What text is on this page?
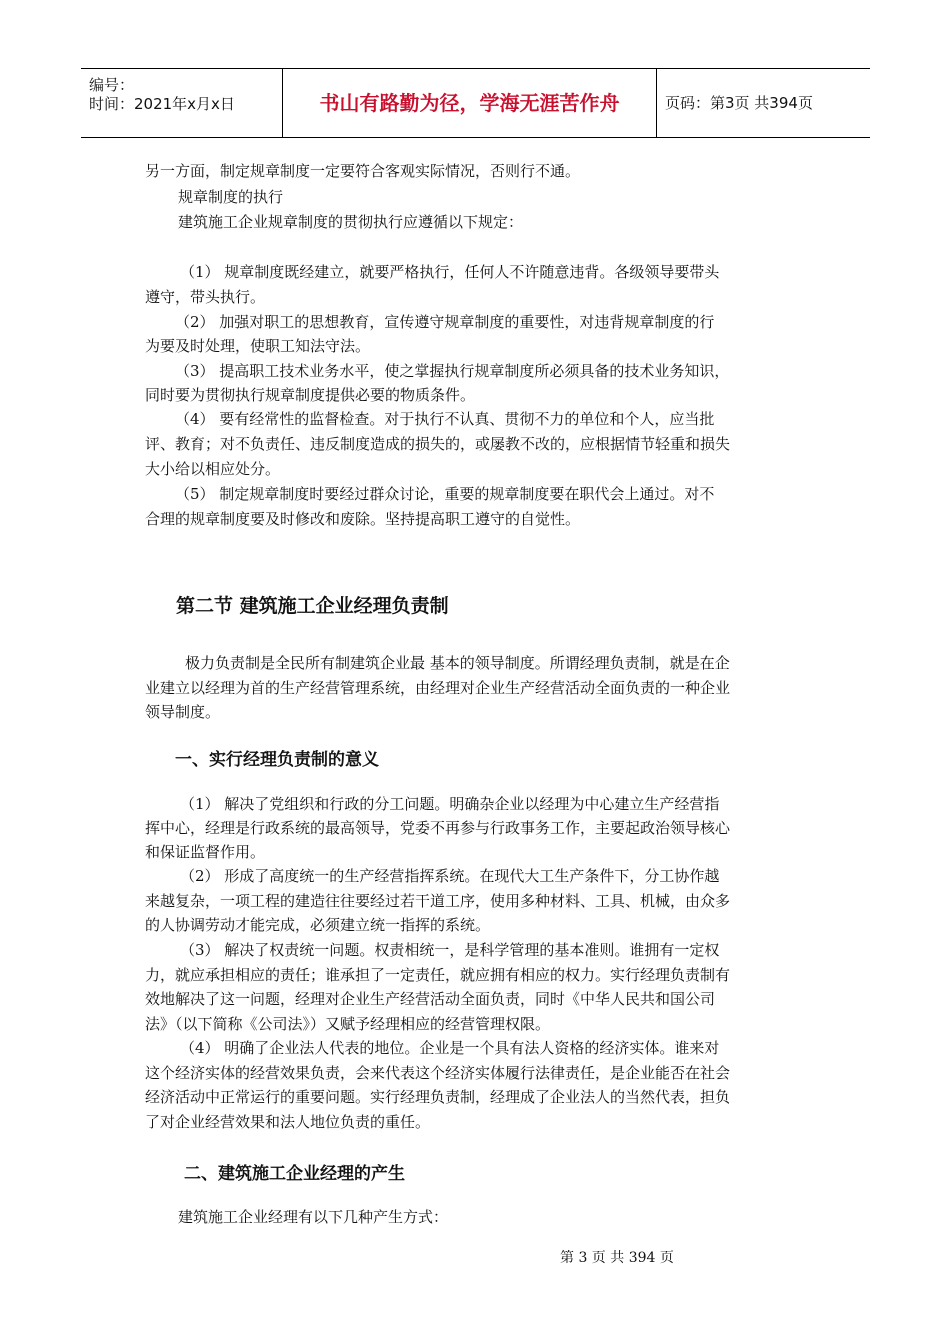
编号：
时间：2021年x月x日	书山有路勤为径，学海无涯苦作舟	页码：第3页 共394页
另一方面，制定规章制度一定要符合客观实际情况，否则行不通。
规章制度的执行
建筑施工企业规章制度的贯彻执行应遵循以下规定：
（1） 规章制度既经建立，就要严格执行，任何人不许随意违背。各级领导要带头
遵守，带头执行。
（2） 加强对职工的思想教育，宣传遵守规章制度的重要性，对违背规章制度的行
为要及时处理，使职工知法守法。
（3） 提高职工技术业务水平，使之掌握执行规章制度所必须具备的技术业务知识，
同时要为贯彻执行规章制度提供必要的物质条件。
（4） 要有经常性的监督检查。对于执行不认真、贯彻不力的单位和个人，应当批
评、教育；对不负责任、违反制度造成的损失的，或屡教不改的，应根据情节轻重和损失
大小给以相应处分。
（5） 制定规章制度时要经过群众讨论，重要的规章制度要在职代会上通过。对不
合理的规章制度要及时修改和废除。坚持提高职工遵守的自觉性。
第二节 建筑施工企业经理负责制
极力负责制是全民所有制建筑企业最 基本的领导制度。所谓经理负责制，就是在企
业建立以经理为首的生产经营管理系统，由经理对企业生产经营活动全面负责的一种企业
领导制度。
一、实行经理负责制的意义
（1） 解决了党组织和行政的分工问题。明确杂企业以经理为中心建立生产经营指
挥中心，经理是行政系统的最高领导，党委不再参与行政事务工作，主要起政治领导核心
和保证监督作用。
（2） 形成了高度统一的生产经营指挥系统。在现代大工生产条件下，分工协作越
来越复杂，一项工程的建造往往要经过若干道工序，使用多种材料、工具、机械，由众多
的人协调劳动才能完成，必须建立统一指挥的系统。
（3） 解决了权责统一问题。权责相统一，是科学管理的基本准则。谁拥有一定权
力，就应承担相应的责任；谁承担了一定责任，就应拥有相应的权力。实行经理负责制有
效地解决了这一问题，经理对企业生产经营活动全面负责，同时《中华人民共和国公司
法》（以下简称《公司法》）又赋予经理相应的经营管理权限。
（4） 明确了企业法人代表的地位。企业是一个具有法人资格的经济实体。谁来对
这个经济实体的经营效果负责，会来代表这个经济实体履行法律责任，是企业能否在社会
经济活动中正常运行的重要问题。实行经理负责制，经理成了企业法人的当然代表，担负
了对企业经营效果和法人地位负责的重任。
二、建筑施工企业经理的产生
建筑施工企业经理有以下几种产生方式：
第 3 页 共 394 页
